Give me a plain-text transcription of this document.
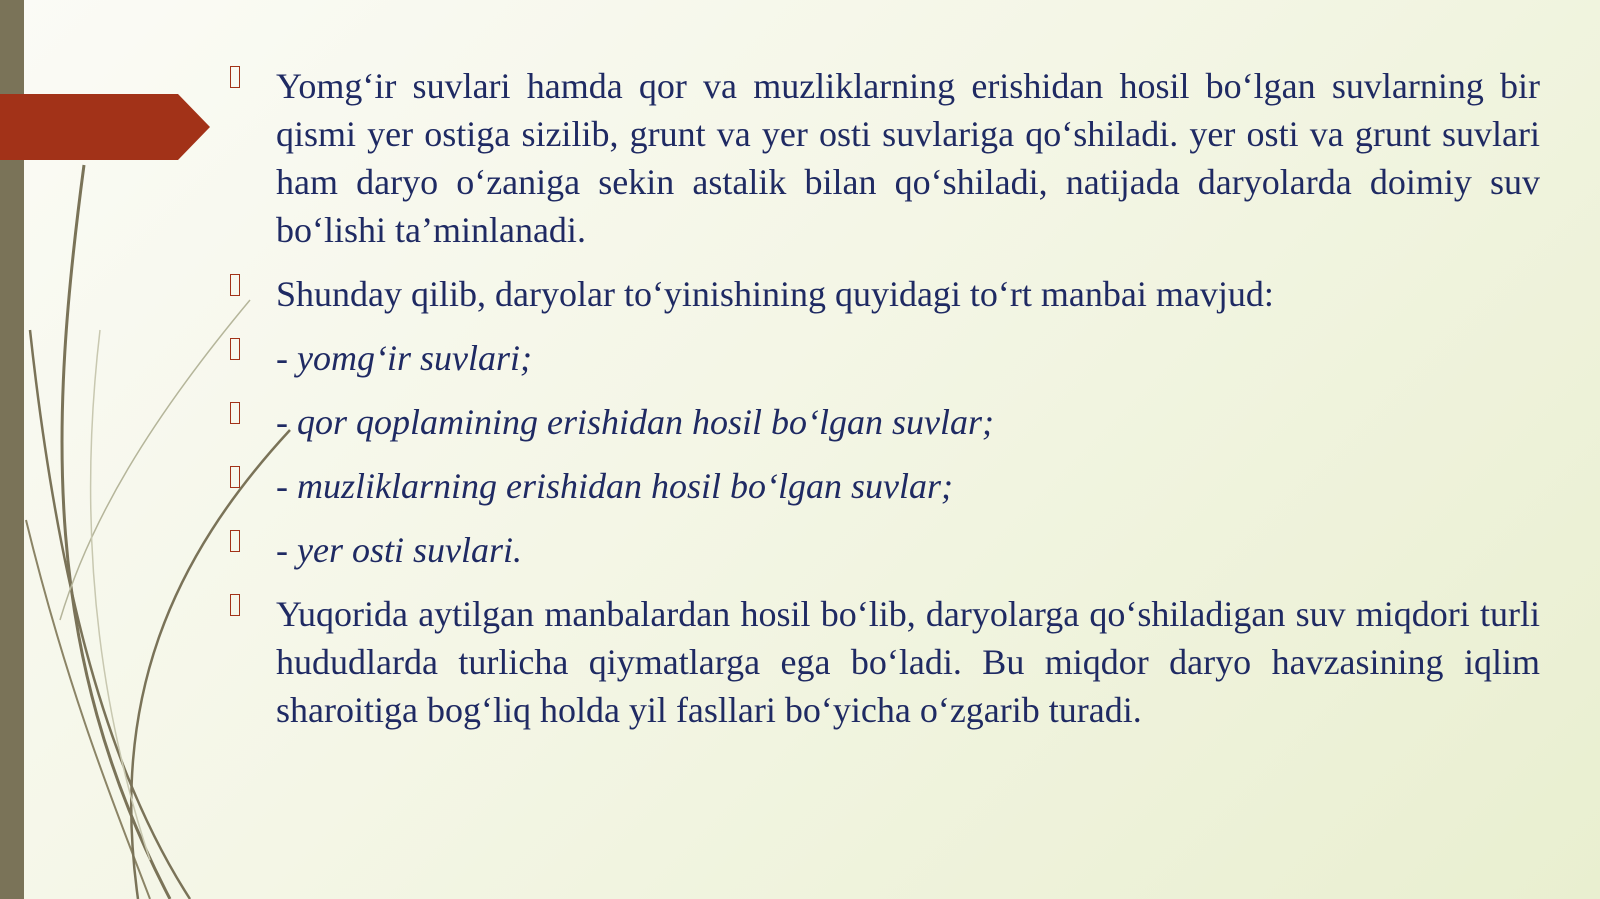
Yomg‘ir suvlari hamda qor va muzliklarning erishidan hosil bo‘lgan suvlarning bir qismi yer ostiga sizilib, grunt va yer osti suvlariga qo‘shiladi. yer osti va grunt suvlari ham daryo o‘zaniga sekin astalik bilan qo‘shiladi, natijada daryolarda doimiy suv bo‘lishi ta’minlanadi.
Shunday qilib, daryolar to‘yinishining quyidagi to‘rt manbai mavjud:
- yomg‘ir suvlari;
- qor qoplamining erishidan hosil bo‘lgan suvlar;
- muzliklarning erishidan hosil bo‘lgan suvlar;
- yer osti suvlari.
Yuqorida aytilgan manbalardan hosil bo‘lib, daryolarga qo‘shiladigan suv miqdori turli hududlarda turlicha qiymatlarga ega bo‘ladi. Bu miqdor daryo havzasining iqlim sharoitiga bog‘liq holda yil fasllari bo‘yicha o‘zgarib turadi.
